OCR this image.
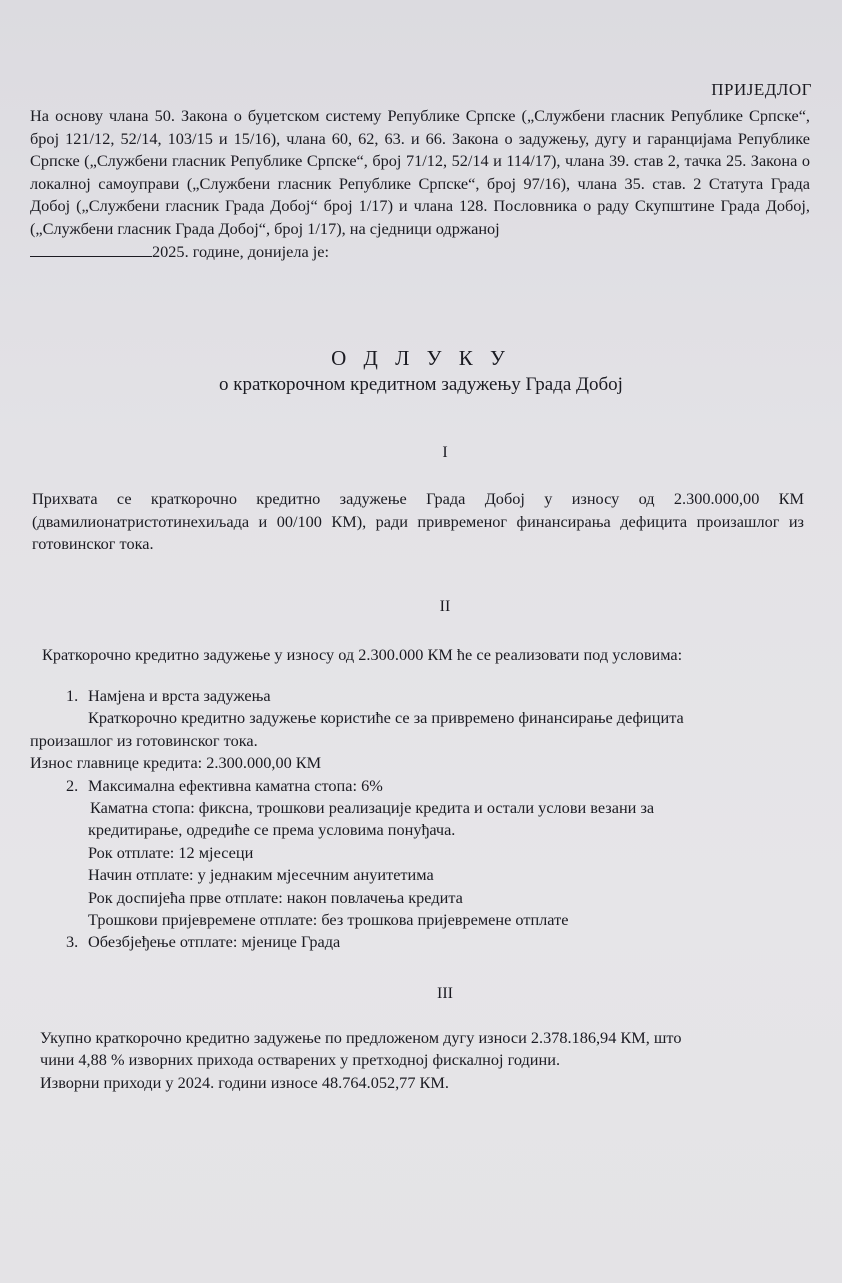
ПРИЈЕДЛОГ
На основу члана 50. Закона о буџетском систему Републике Српске („Службени гласник Републике Српске“, број 121/12, 52/14, 103/15 и 15/16), члана 60, 62, 63. и 66. Закона о задужењу, дугу и гаранцијама Републике Српске („Службени гласник Републике Српске“, број 71/12, 52/14 и 114/17), члана 39. став 2, тачка 25. Закона о локалној самоуправи („Службени гласник Републике Српске“, број 97/16), члана 35. став. 2 Статута Града Добој („Службени гласник Града Добој“ број 1/17) и члана 128. Пословника о раду Скупштине Града Добој, („Службени гласник Града Добој“, број 1/17), на сједници одржаној
2025. године, донијела је:
О Д Л У К У
о краткорочном кредитном задужењу Града Добој
I
Прихвата се краткорочно кредитно задужење Града Добој у износу од 2.300.000,00 КМ (двамилионатристотинехиљада и 00/100 КМ), ради привременог финансирања дефицита произашлог из готовинског тока.
II
Краткорочно кредитно задужење у износу од 2.300.000 КМ ће се реализовати под условима:
1. Намјена и врста задужења
Краткорочно кредитно задужење користиће се за привремено финансирање дефицита
произашлог из готовинског тока.
Износ главнице кредита: 2.300.000,00 КМ
2. Максимална ефективна каматна стопа: 6%
Каматна стопа: фиксна, трошкови реализације кредита и остали услови везани за
кредитирање, одредиће се према условима понуђача.
Рок отплате: 12 мјесеци
Начин отплате: у једнаким мјесечним ануитетима
Рок доспијећа прве отплате: након повлачења кредита
Трошкови пријевремене отплате: без трошкова пријевремене отплате
3. Обезбјеђење отплате: мјенице Града
III
Укупно краткорочно кредитно задужење по предложеном дугу износи 2.378.186,94 КМ, што
чини 4,88 % изворних прихода остварених у претходној фискалној години.
Изворни приходи у 2024. години износе 48.764.052,77 КМ.
